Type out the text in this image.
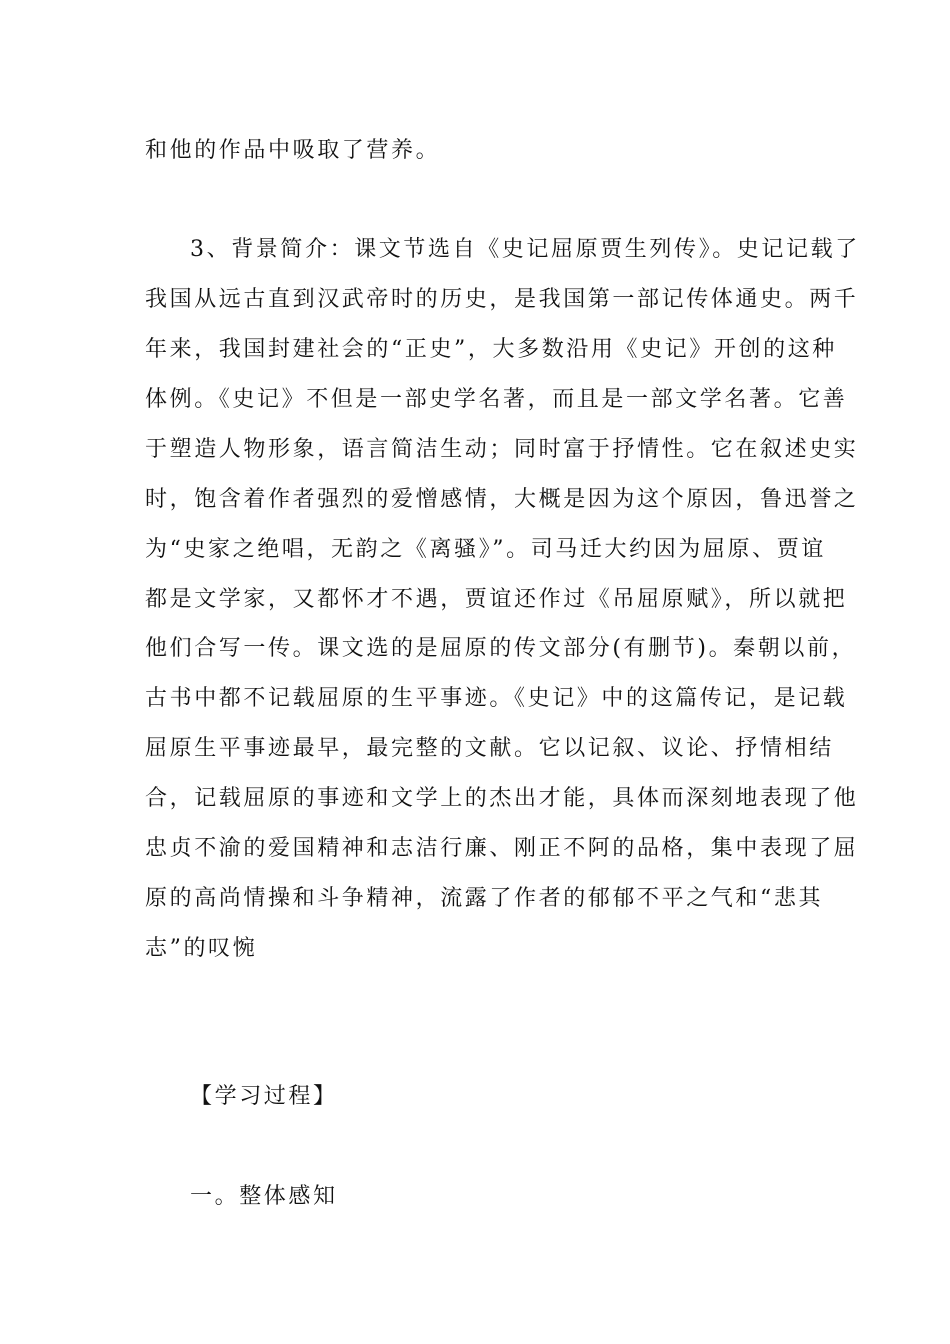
和他的作品中吸取了营养。
3、背景简介：课文节选自《史记屈原贾生列传》。史记记载了
我国从远古直到汉武帝时的历史，是我国第一部记传体通史。两千
年来，我国封建社会的“正史”，大多数沿用《史记》开创的这种
体例。《史记》不但是一部史学名著，而且是一部文学名著。它善
于塑造人物形象，语言简洁生动；同时富于抒情性。它在叙述史实
时，饱含着作者强烈的爱憎感情，大概是因为这个原因，鲁迅誉之
为“史家之绝唱，无韵之《离骚》”。司马迁大约因为屈原、贾谊
都是文学家，又都怀才不遇，贾谊还作过《吊屈原赋》，所以就把
他们合写一传。课文选的是屈原的传文部分(有删节)。秦朝以前，
古书中都不记载屈原的生平事迹。《史记》中的这篇传记，是记载
屈原生平事迹最早，最完整的文献。它以记叙、议论、抒情相结
合，记载屈原的事迹和文学上的杰出才能，具体而深刻地表现了他
忠贞不渝的爱国精神和志洁行廉、刚正不阿的品格，集中表现了屈
原的高尚情操和斗争精神，流露了作者的郁郁不平之气和“悲其
志”的叹惋
【学习过程】
一。整体感知
